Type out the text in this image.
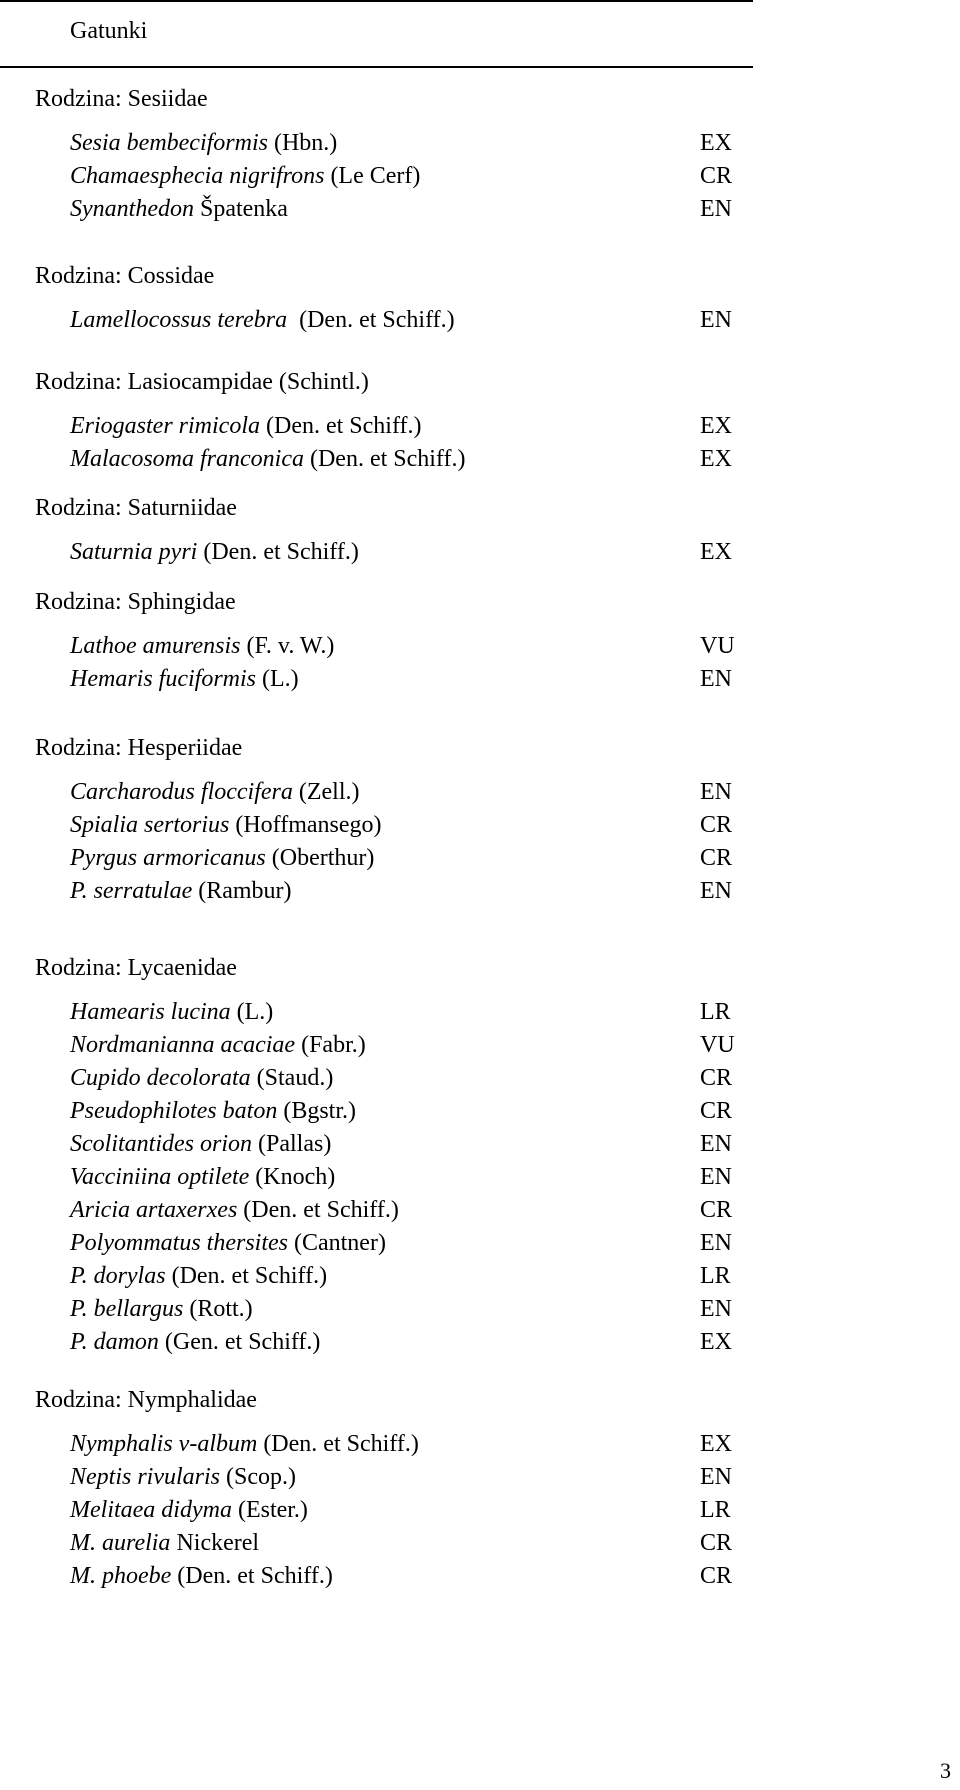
Gatunki
Rodzina: Sesiidae
Sesia bembeciformis (Hbn.)	EX
Chamaesphecia nigrifrons (Le Cerf)	CR
Synanthedon Špatenka	EN
Rodzina: Cossidae
Lamellocossus terebra  (Den. et Schiff.)	EN
Rodzina: Lasiocampidae (Schintl.)
Eriogaster rimicola (Den. et Schiff.)	EX
Malacosoma franconica (Den. et Schiff.)	EX
Rodzina: Saturniidae
Saturnia pyri (Den. et Schiff.)	EX
Rodzina: Sphingidae
Lathoe amurensis (F. v. W.)	VU
Hemaris fuciformis (L.)	EN
Rodzina: Hesperiidae
Carcharodus floccifera (Zell.)	EN
Spialia sertorius (Hoffmansego)	CR
Pyrgus armoricanus (Oberthur)	CR
P. serratulae (Rambur)	EN
Rodzina: Lycaenidae
Hamearis lucina (L.)	LR
Nordmanianna acaciae (Fabr.)	VU
Cupido decolorata (Staud.)	CR
Pseudophilotes baton (Bgstr.)	CR
Scolitantides orion (Pallas)	EN
Vacciniina optilete (Knoch)	EN
Aricia artaxerxes (Den. et Schiff.)	CR
Polyommatus thersites (Cantner)	EN
P. dorylas (Den. et Schiff.)	LR
P. bellargus (Rott.)	EN
P. damon (Gen. et Schiff.)	EX
Rodzina: Nymphalidae
Nymphalis v-album (Den. et Schiff.)	EX
Neptis rivularis (Scop.)	EN
Melitaea didyma (Ester.)	LR
M. aurelia Nickerel	CR
M. phoebe (Den. et Schiff.)	CR
3
